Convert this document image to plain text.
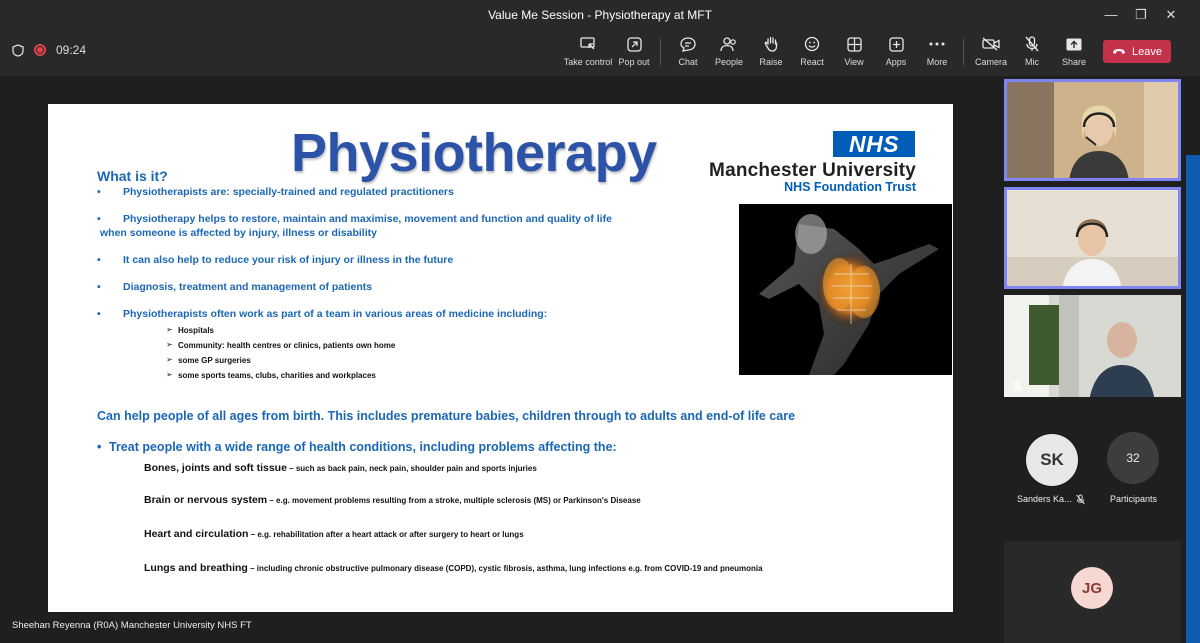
Value Me Session - Physiotherapy at MFT	—	❐	✕
09:24
Take control Pop out	Chat People Raise React View Apps More	Camera Mic	Share
Leave
Physiotherapy	NHS
Manchester University
NHS Foundation Trust
What is it?
• Physiotherapists are: specially-trained and regulated practitioners
• Physiotherapy helps to restore, maintain and maximise, movement and function and quality of life
when someone is affected by injury, illness or disability
• It can also help to reduce your risk of injury or illness in the future
• Diagnosis, treatment and management of patients
• Physiotherapists often work as part of a team in various areas of medicine including:
➢ Hospitals
➢ Community: health centres or clinics, patients own home
➢ some GP surgeries
➢ some sports teams, clubs, charities and workplaces
Can help people of all ages from birth. This includes premature babies, children through to adults and end-of life care
• Treat people with a wide range of health conditions, including problems affecting the:
Bones, joints and soft tissue – such as back pain, neck pain, shoulder pain and sports injuries
Brain or nervous system – e.g. movement problems resulting from a stroke, multiple sclerosis (MS) or Parkinson's Disease
Heart and circulation – e.g. rehabilitation after a heart attack or after surgery to heart or lungs
Lungs and breathing – including chronic obstructive pulmonary disease (COPD), cystic fibrosis, asthma, lung infections e.g. from COVID-19 and pneumonia
Sheehan Reyenna (R0A) Manchester University NHS FT
SK
Sanders Ka...
32
Participants
JG
